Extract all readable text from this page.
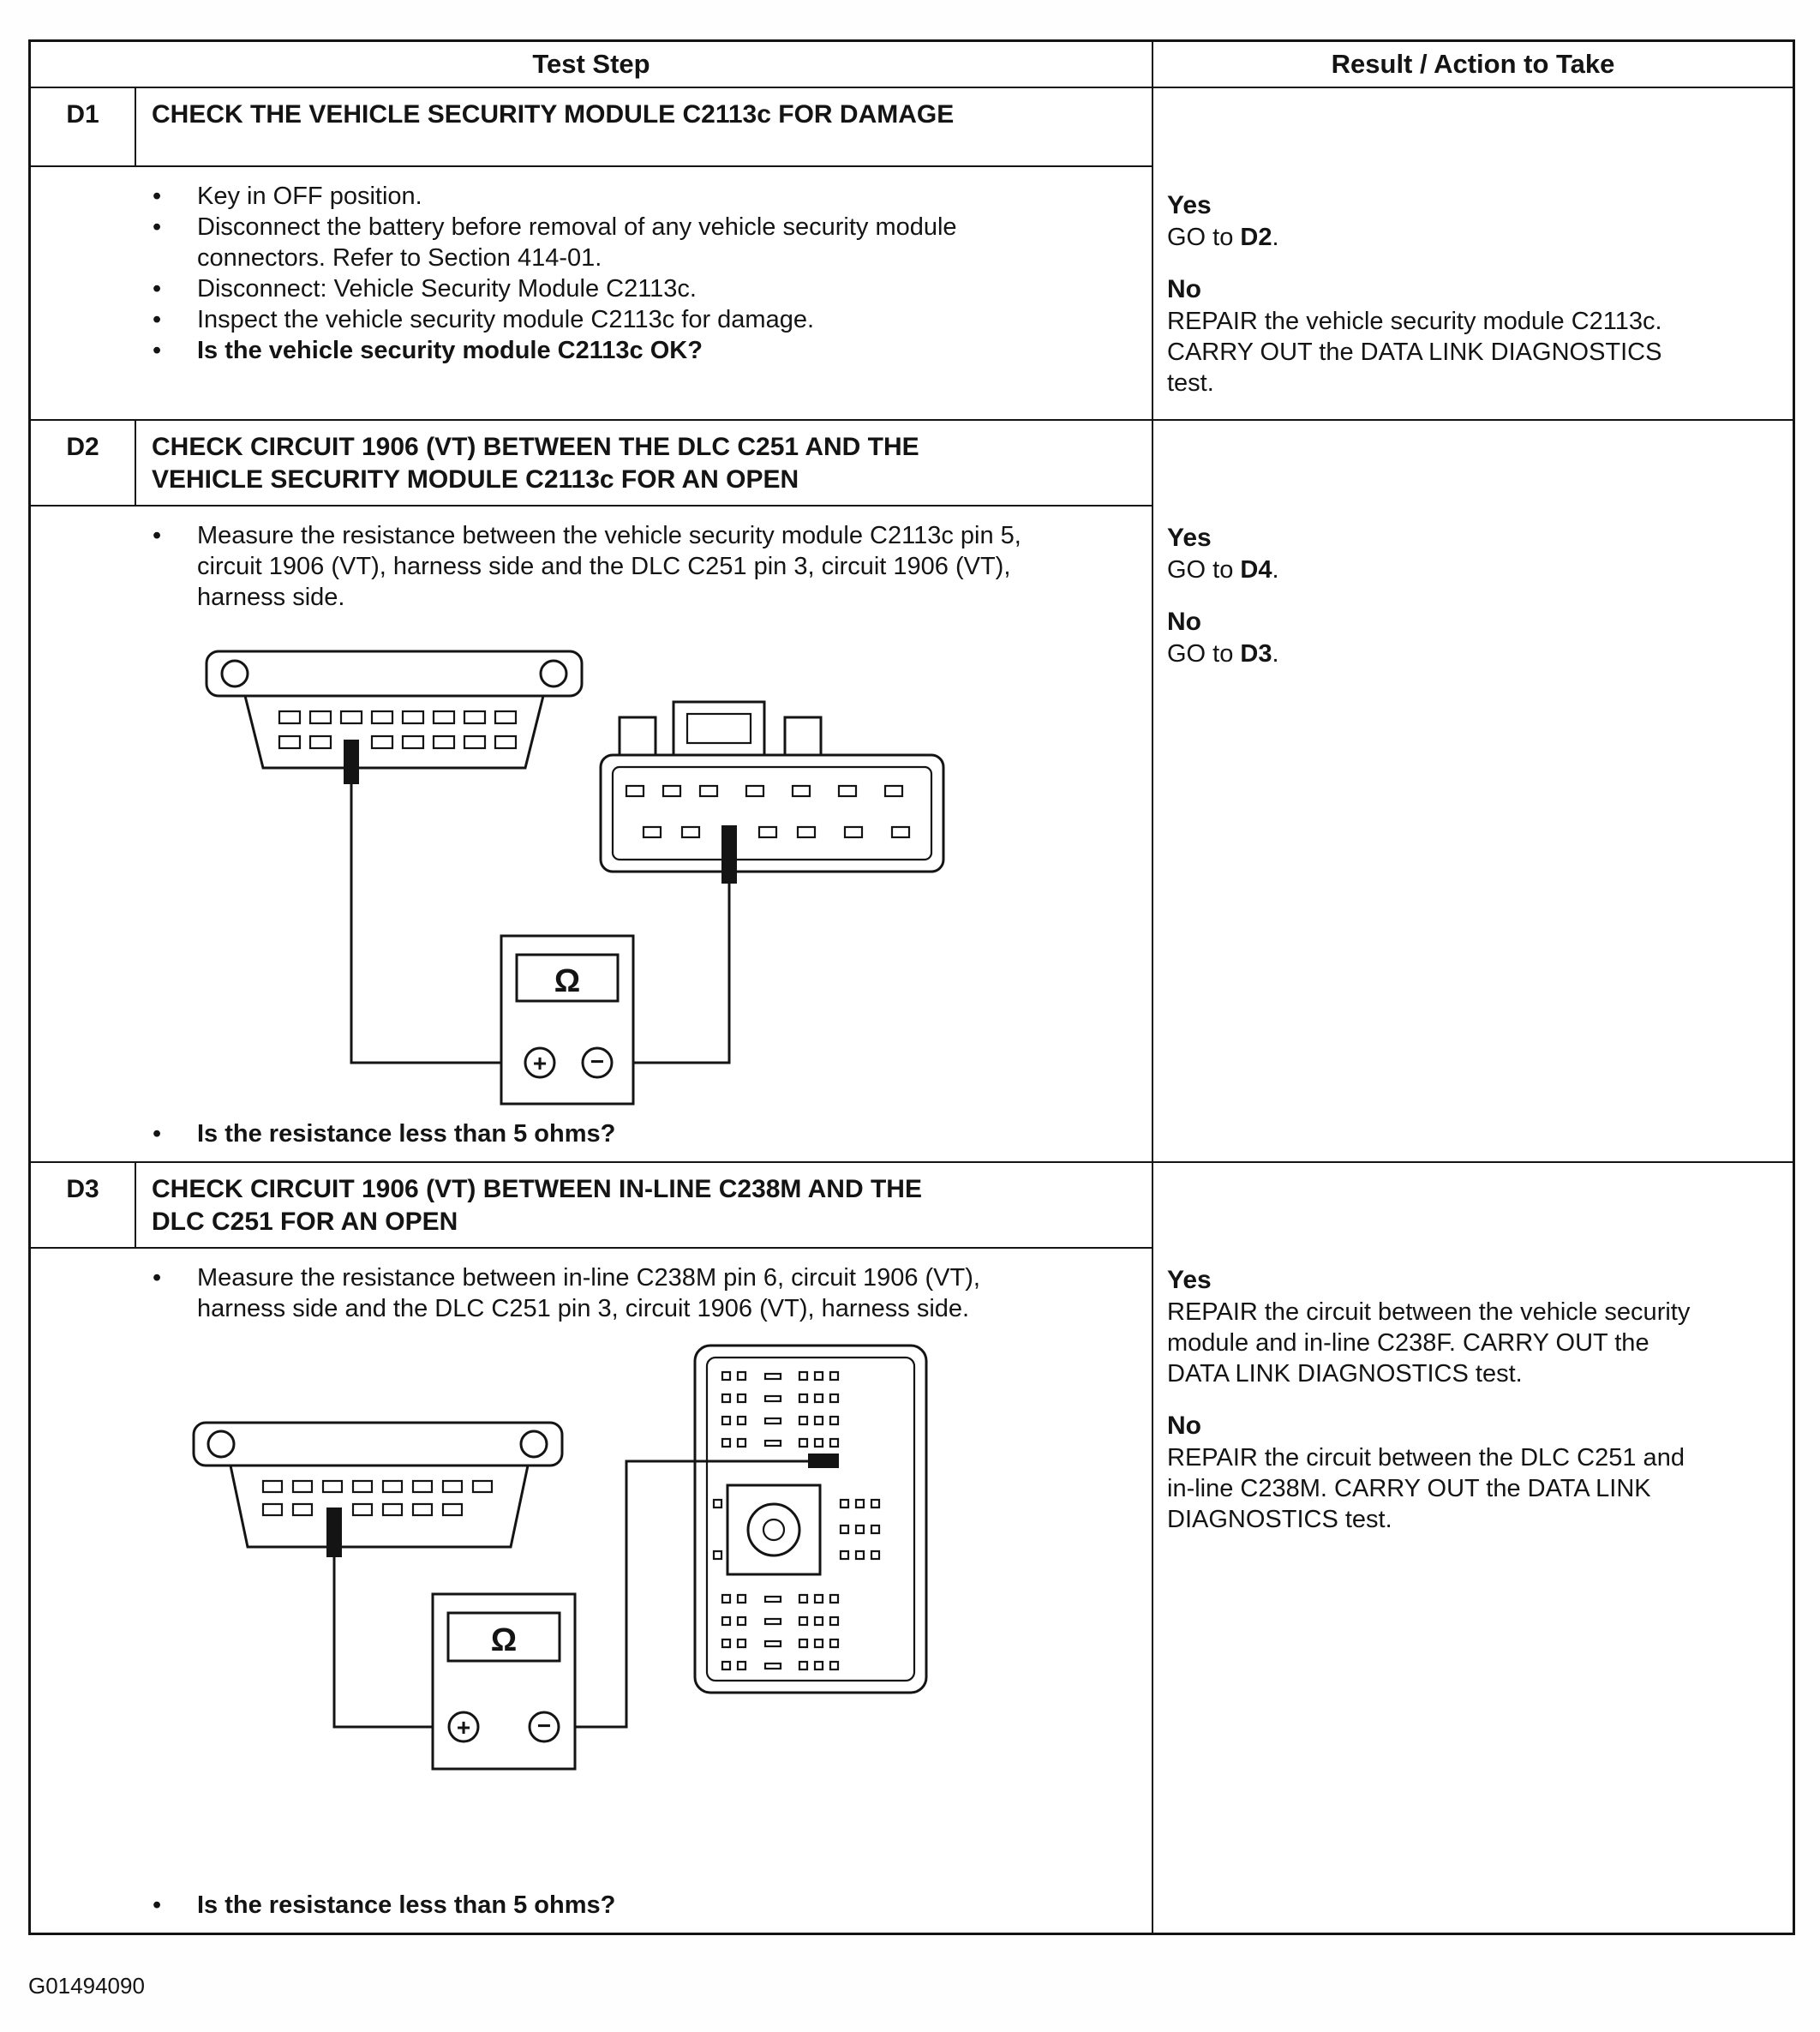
Test Step	Result / Action to Take
D1	CHECK THE VEHICLE SECURITY MODULE C2113c FOR DAMAGE
•	Key in OFF position.
•	Disconnect the battery before removal of any vehicle security module connectors. Refer to Section 414-01.
•	Disconnect: Vehicle Security Module C2113c.
•	Inspect the vehicle security module C2113c for damage.
•	Is the vehicle security module C2113c OK?
Yes
GO to D2.
No
REPAIR the vehicle security module C2113c. CARRY OUT the DATA LINK DIAGNOSTICS test.
D2	CHECK CIRCUIT 1906 (VT) BETWEEN THE DLC C251 AND THE VEHICLE SECURITY MODULE C2113c FOR AN OPEN
•	Measure the resistance between the vehicle security module C2113c pin 5, circuit 1906 (VT), harness side and the DLC C251 pin 3, circuit 1906 (VT), harness side.
Ω
+ −
•	Is the resistance less than 5 ohms?
Yes
GO to D4.
No
GO to D3.
D3	CHECK CIRCUIT 1906 (VT) BETWEEN IN-LINE C238M AND THE DLC C251 FOR AN OPEN
•	Measure the resistance between in-line C238M pin 6, circuit 1906 (VT), harness side and the DLC C251 pin 3, circuit 1906 (VT), harness side.
Ω
+	−
•	Is the resistance less than 5 ohms?
Yes
REPAIR the circuit between the vehicle security module and in-line C238F. CARRY OUT the DATA LINK DIAGNOSTICS test.
No
REPAIR the circuit between the DLC C251 and in-line C238M. CARRY OUT the DATA LINK DIAGNOSTICS test.
G01494090
